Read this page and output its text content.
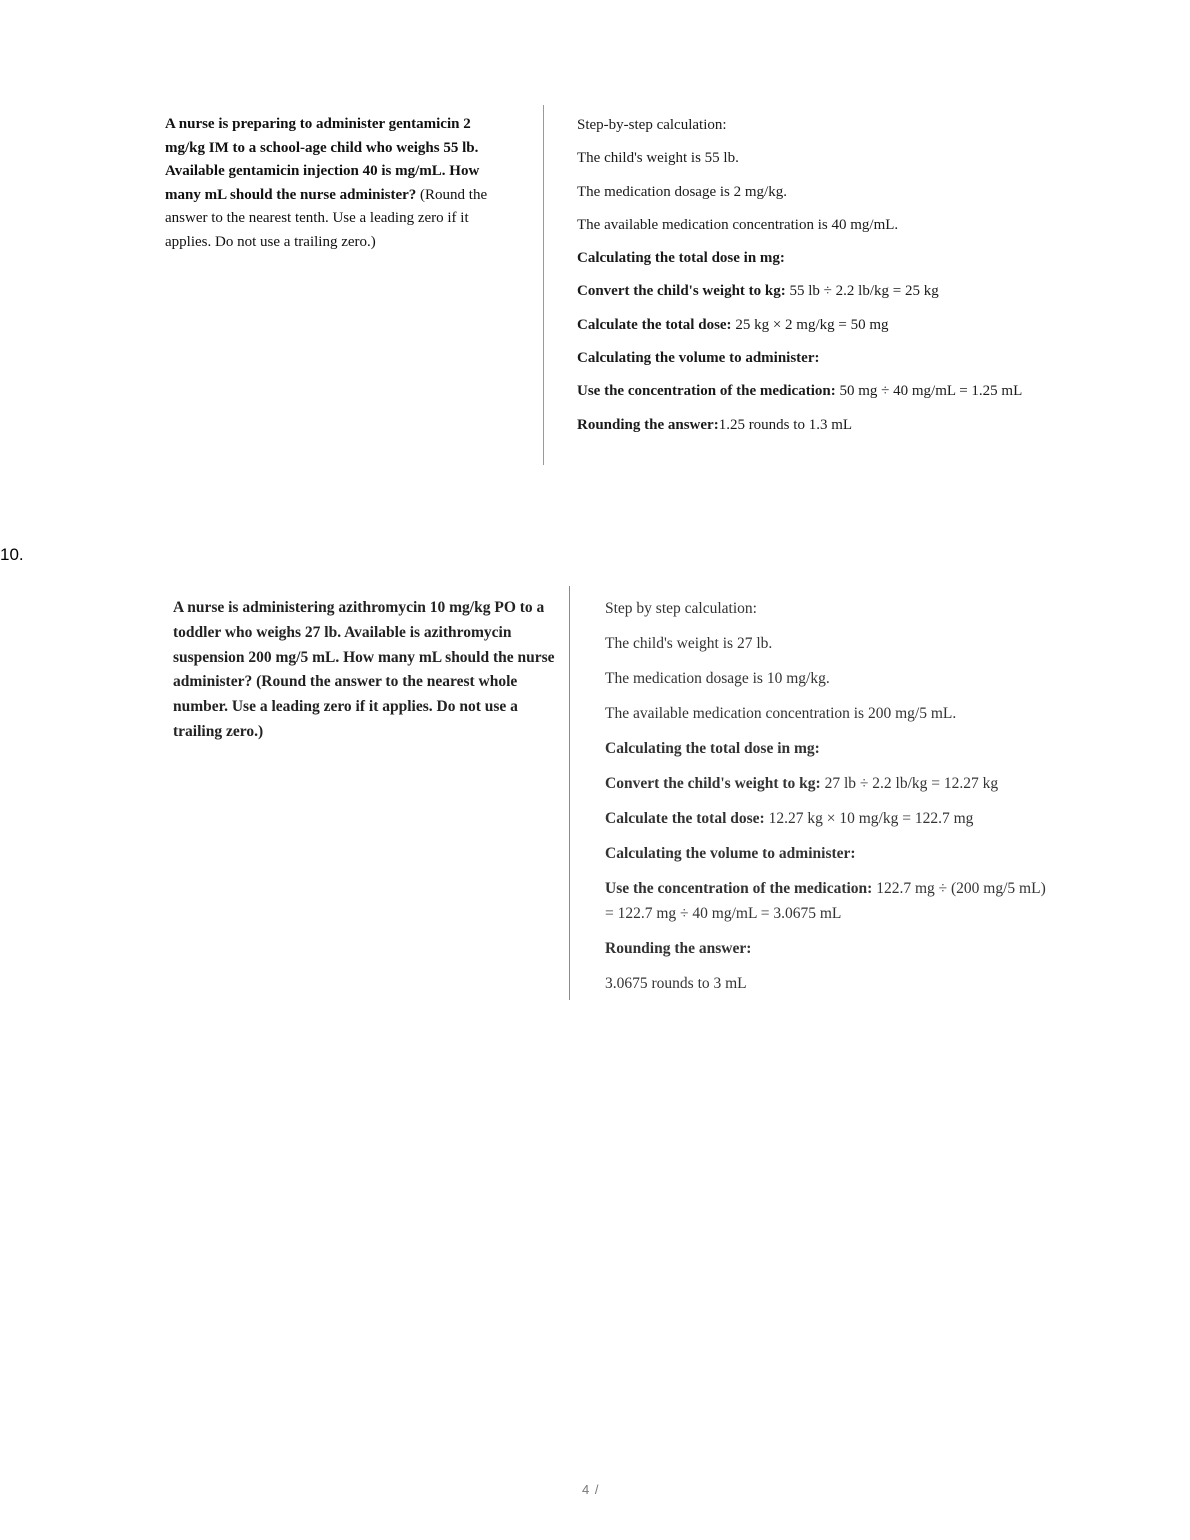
A nurse is preparing to administer gentamicin 2 mg/kg IM to a school-age child who weighs 55 lb. Available gentamicin injection 40 is mg/mL. How many mL should the nurse administer? (Round the answer to the nearest tenth. Use a leading zero if it applies. Do not use a trailing zero.)

Step-by-step calculation:

The child's weight is 55 lb.

The medication dosage is 2 mg/kg.

The available medication concentration is 40 mg/mL.

Calculating the total dose in mg:

Convert the child's weight to kg: 55 lb ÷ 2.2 lb/kg = 25 kg

Calculate the total dose: 25 kg × 2 mg/kg = 50 mg

Calculating the volume to administer:

Use the concentration of the medication: 50 mg ÷ 40 mg/mL = 1.25 mL

Rounding the answer:1.25 rounds to 1.3 mL

10.
A nurse is administering azithromycin 10 mg/kg PO to a toddler who weighs 27 lb. Available is azithromycin suspension 200 mg/5 mL. How many mL should the nurse administer? (Round the answer to the nearest whole number. Use a leading zero if it applies. Do not use a trailing zero.)

Step by step calculation:

The child's weight is 27 lb.

The medication dosage is 10 mg/kg.

The available medication concentration is 200 mg/5 mL.

Calculating the total dose in mg:

Convert the child's weight to kg: 27 lb ÷ 2.2 lb/kg = 12.27 kg

Calculate the total dose: 12.27 kg × 10 mg/kg = 122.7 mg

Calculating the volume to administer:

Use the concentration of the medication: 122.7 mg ÷ (200 mg/5 mL) = 122.7 mg ÷ 40 mg/mL = 3.0675 mL

Rounding the answer:

3.0675 rounds to 3 mL

4 /
